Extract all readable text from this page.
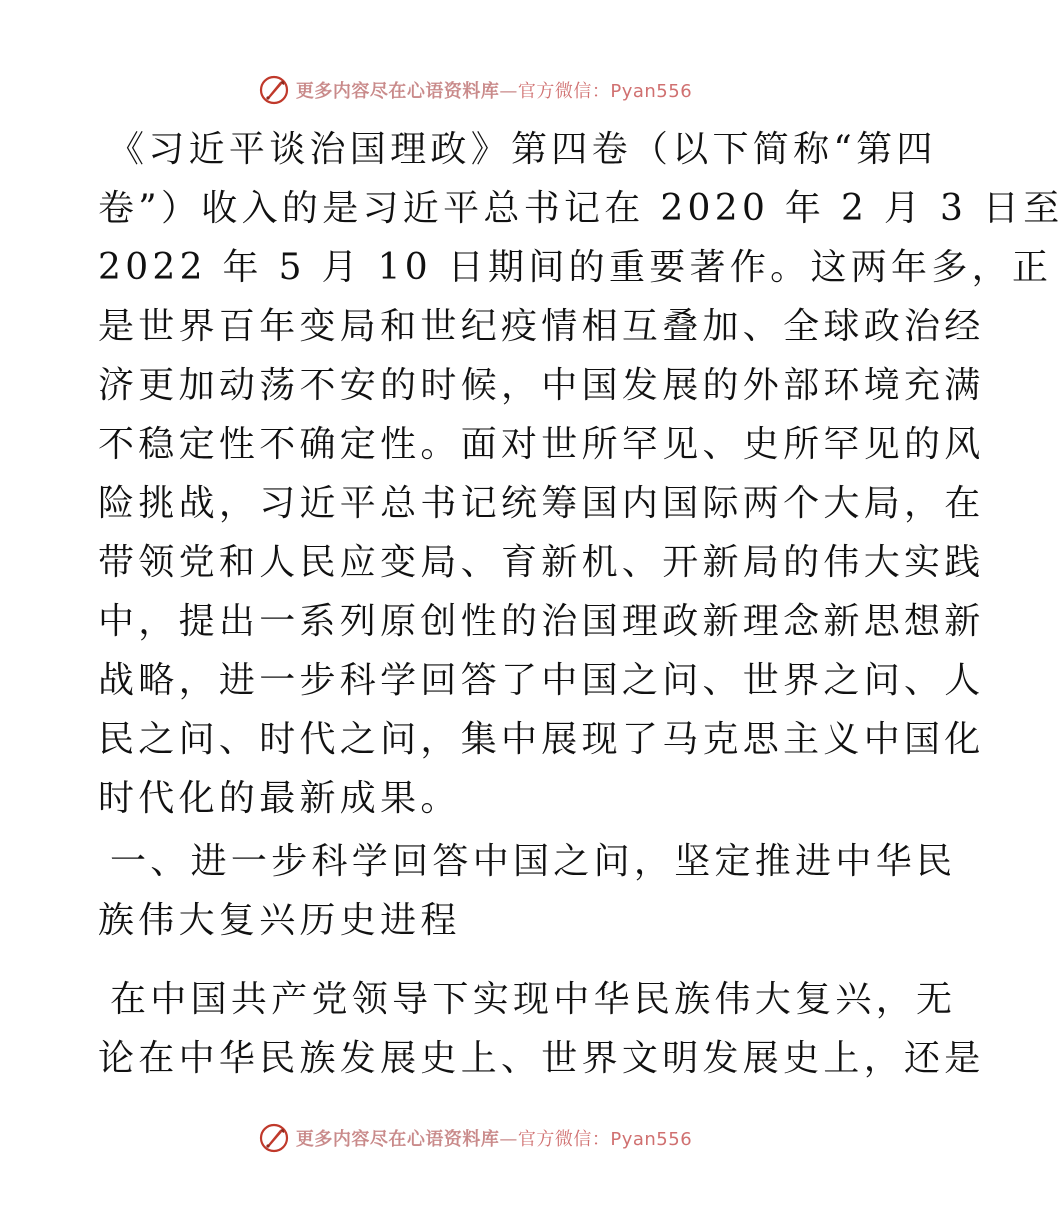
更多内容尽在心语资料库—官方微信：Pyan556
《习近平谈治国理政》第四卷（以下简称“第四
卷”）收入的是习近平总书记在 2020 年 2 月 3 日至
2022 年 5 月 10 日期间的重要著作。这两年多，正
是世界百年变局和世纪疫情相互叠加、全球政治经
济更加动荡不安的时候，中国发展的外部环境充满
不稳定性不确定性。面对世所罕见、史所罕见的风
险挑战，习近平总书记统筹国内国际两个大局，在
带领党和人民应变局、育新机、开新局的伟大实践
中，提出一系列原创性的治国理政新理念新思想新
战略，进一步科学回答了中国之问、世界之问、人
民之问、时代之问，集中展现了马克思主义中国化
时代化的最新成果。
一、进一步科学回答中国之问，坚定推进中华民
族伟大复兴历史进程
在中国共产党领导下实现中华民族伟大复兴，无
论在中华民族发展史上、世界文明发展史上，还是
更多内容尽在心语资料库—官方微信：Pyan556
